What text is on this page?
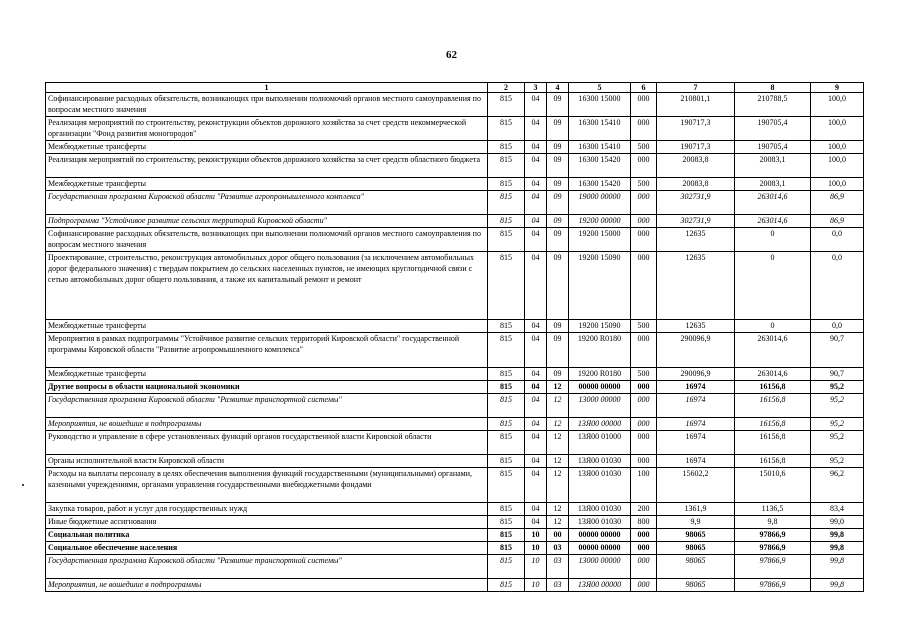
62
1	2	3	4	5	6	7	8	9
Софинансирование расходных обязательств, возникающих при выполнении полномочий органов местного самоуправления по вопросам местного значения	815	04	09	16300 15000	000	210801,1	210788,5	100,0
Реализация мероприятий по строительству, реконструкции объектов дорожного хозяйства за счет средств некоммерческой организации "Фонд развития моногородов"	815	04	09	16300 15410	000	190717,3	190705,4	100,0
Межбюджетные трансферты	815	04	09	16300 15410	500	190717,3	190705,4	100,0
Реализация мероприятий по строительству, реконструкции объектов дорожного хозяйства за счет средств областного бюджета	815	04	09	16300 15420	000	20083,8	20083,1	100,0
Межбюджетные трансферты	815	04	09	16300 15420	500	20083,8	20083,1	100,0
Государственная программа Кировской области "Развитие агропромышленного комплекса"	815	04	09	19000 00000	000	302731,9	263014,6	86,9
Подпрограмма "Устойчивое развитие сельских территорий Кировской области"	815	04	09	19200 00000	000	302731,9	263014,6	86,9
Софинансирование расходных обязательств, возникающих при выполнении полномочий органов местного самоуправления по вопросам местного значения	815	04	09	19200 15000	000	12635	0	0,0
Проектирование, строительство, реконструкция автомобильных дорог общего пользования (за исключением автомобильных дорог федерального значения) с твердым покрытием до сельских населенных пунктов, не имеющих круглогодичной связи с сетью автомобильных дорог общего пользования, а также их капитальный ремонт и ремонт	815	04	09	19200 15090	000	12635	0	0,0
Межбюджетные трансферты	815	04	09	19200 15090	500	12635	0	0,0
Мероприятия в рамках подпрограммы "Устойчивое развитие сельских территорий Кировской области" государственной программы Кировской области "Развитие агропромышленного комплекса"	815	04	09	19200 R0180	000	290096,9	263014,6	90,7
Межбюджетные трансферты	815	04	09	19200 R0180	500	290096,9	263014,6	90,7
Другие вопросы в области национальной экономики	815	04	12	00000 00000	000	16974	16156,8	95,2
Государственная программа Кировской области "Развитие транспортной системы"	815	04	12	13000 00000	000	16974	16156,8	95,2
Мероприятия, не вошедшие в подпрограммы	815	04	12	13Я00 00000	000	16974	16156,8	95,2
Руководство и управление в сфере установленных функций органов государственной власти Кировской области	815	04	12	13Я00 01000	000	16974	16156,8	95,2
Органы исполнительной власти Кировской области	815	04	12	13Я00 01030	000	16974	16156,8	95,2
Расходы на выплаты персоналу в целях обеспечения выполнения функций государственными (муниципальными) органами, казенными учреждениями, органами управления государственными внебюджетными фондами	815	04	12	13Я00 01030	100	15602,2	15010,6	96,2
Закупка товаров, работ и услуг для государственных нужд	815	04	12	13Я00 01030	200	1361,9	1136,5	83,4
Иные бюджетные ассигнования	815	04	12	13Я00 01030	800	9,9	9,8	99,0
Социальная политика	815	10	00	00000 00000	000	98065	97866,9	99,8
Социальное обеспечение населения	815	10	03	00000 00000	000	98065	97866,9	99,8
Государственная программа Кировской области "Развитие транспортной системы"	815	10	03	13000 00000	000	98065	97866,9	99,8
Мероприятия, не вошедшие в подпрограммы	815	10	03	13Я00 00000	000	98065	97866,9	99,8
